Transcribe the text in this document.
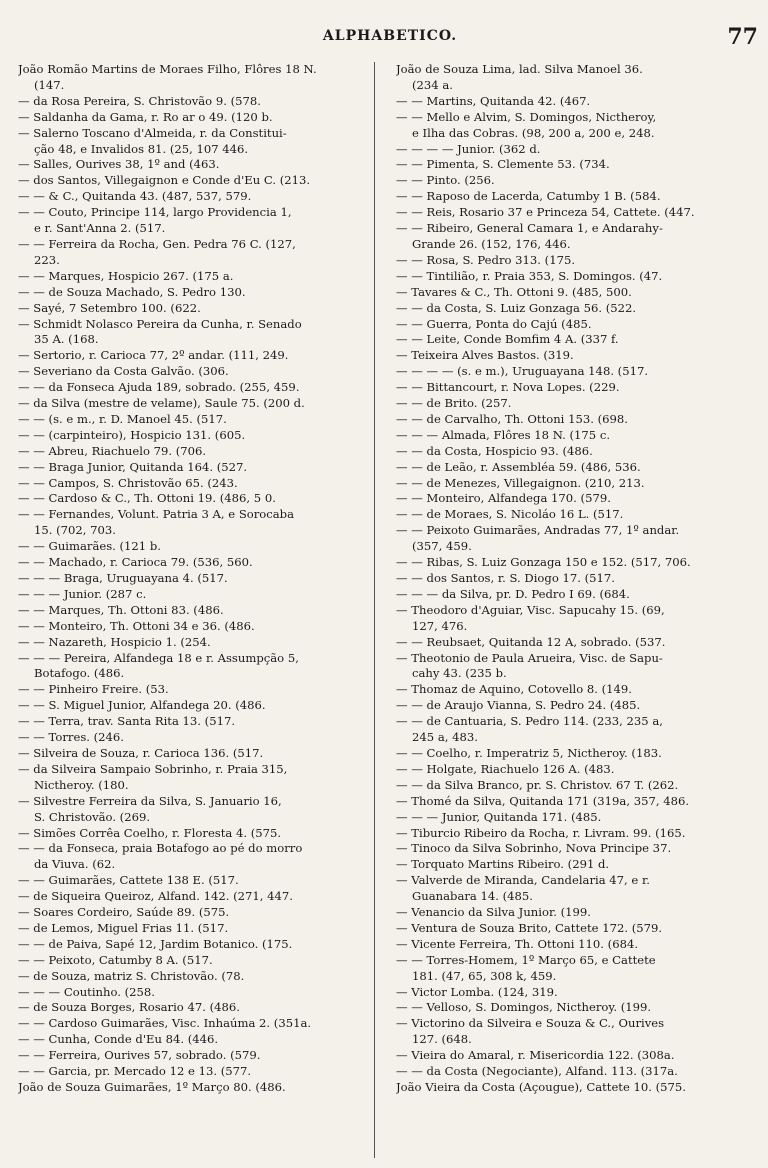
ALPHABETICO.	77
João Romão Martins de Moraes Filho, Flôres 18 N.
(147.
— da Rosa Pereira, S. Christovão 9. (578.
— Saldanha da Gama, r. Ro ar o 49. (120 b.
— Salerno Toscano d'Almeida, r. da Constitui-
ção 48, e Invalidos 81. (25, 107 446.
— Salles, Ourives 38, 1º and (463.
— dos Santos, Villegaignon e Conde d'Eu C. (213.
— — & C., Quitanda 43. (487, 537, 579.
— — Couto, Principe 114, largo Providencia 1,
e r. Sant'Anna 2. (517.
— — Ferreira da Rocha, Gen. Pedra 76 C. (127,
223.
— — Marques, Hospicio 267. (175 a.
— — de Souza Machado, S. Pedro 130.
— Sayé, 7 Setembro 100. (622.
— Schmidt Nolasco Pereira da Cunha, r. Senado
35 A. (168.
— Sertorio, r. Carioca 77, 2º andar. (111, 249.
— Severiano da Costa Galvão. (306.
— — da Fonseca Ajuda 189, sobrado. (255, 459.
— da Silva (mestre de velame), Saule 75. (200 d.
— — (s. e m., r. D. Manoel 45. (517.
— — (carpinteiro), Hospicio 131. (605.
— — Abreu, Riachuelo 79. (706.
— — Braga Junior, Quitanda 164. (527.
— — Campos, S. Christovão 65. (243.
— — Cardoso & C., Th. Ottoni 19. (486, 5 0.
— — Fernandes, Volunt. Patria 3 A, e Sorocaba
15. (702, 703.
— — Guimarães. (121 b.
— — Machado, r. Carioca 79. (536, 560.
— — — Braga, Uruguayana 4. (517.
— — — Junior. (287 c.
— — Marques, Th. Ottoni 83. (486.
— — Monteiro, Th. Ottoni 34 e 36. (486.
— — Nazareth, Hospicio 1. (254.
— — — Pereira, Alfandega 18 e r. Assumpção 5,
Botafogo. (486.
— — Pinheiro Freire. (53.
— — S. Miguel Junior, Alfandega 20. (486.
— — Terra, trav. Santa Rita 13. (517.
— — Torres. (246.
— Silveira de Souza, r. Carioca 136. (517.
— da Silveira Sampaio Sobrinho, r. Praia 315,
Nictheroy. (180.
— Silvestre Ferreira da Silva, S. Januario 16,
S. Christovão. (269.
— Simões Corrêa Coelho, r. Floresta 4. (575.
— — da Fonseca, praia Botafogo ao pé do morro
da Viuva. (62.
— — Guimarães, Cattete 138 E. (517.
— de Siqueira Queiroz, Alfand. 142. (271, 447.
— Soares Cordeiro, Saúde 89. (575.
— de Lemos, Miguel Frias 11. (517.
— — de Paiva, Sapé 12, Jardim Botanico. (175.
— — Peixoto, Catumby 8 A. (517.
— de Souza, matriz S. Christovão. (78.
— — — Coutinho. (258.
— de Souza Borges, Rosario 47. (486.
— — Cardoso Guimarães, Visc. Inhaúma 2. (351a.
— — Cunha, Conde d'Eu 84. (446.
— — Ferreira, Ourives 57, sobrado. (579.
— — Garcia, pr. Mercado 12 e 13. (577.
João de Souza Guimarães, 1º Março 80. (486.
João de Souza Lima, lad. Silva Manoel 36.
(234 a.
— — Martins, Quitanda 42. (467.
— — Mello e Alvim, S. Domingos, Nictheroy,
e Ilha das Cobras. (98, 200 a, 200 e, 248.
— — — — Junior. (362 d.
— — Pimenta, S. Clemente 53. (734.
— — Pinto. (256.
— — Raposo de Lacerda, Catumby 1 B. (584.
— — Reis, Rosario 37 e Princeza 54, Cattete. (447.
— — Ribeiro, General Camara 1, e Andarahy-
Grande 26. (152, 176, 446.
— — Rosa, S. Pedro 313. (175.
— — Tintilião, r. Praia 353, S. Domingos. (47.
— Tavares & C., Th. Ottoni 9. (485, 500.
— — da Costa, S. Luiz Gonzaga 56. (522.
— — Guerra, Ponta do Cajú (485.
— — Leite, Conde Bomfim 4 A. (337 f.
— Teixeira Alves Bastos. (319.
— — — — (s. e m.), Uruguayana 148. (517.
— — Bittancourt, r. Nova Lopes. (229.
— — de Brito. (257.
— — de Carvalho, Th. Ottoni 153. (698.
— — — Almada, Flôres 18 N. (175 c.
— — da Costa, Hospicio 93. (486.
— — de Leão, r. Assembléa 59. (486, 536.
— — de Menezes, Villegaignon. (210, 213.
— — Monteiro, Alfandega 170. (579.
— — de Moraes, S. Nicoláo 16 L. (517.
— — Peixoto Guimarães, Andradas 77, 1º andar.
(357, 459.
— — Ribas, S. Luiz Gonzaga 150 e 152. (517, 706.
— — dos Santos, r. S. Diogo 17. (517.
— — — da Silva, pr. D. Pedro I 69. (684.
— Theodoro d'Aguiar, Visc. Sapucahy 15. (69,
127, 476.
— — Reubsaet, Quitanda 12 A, sobrado. (537.
— Theotonio de Paula Arueira, Visc. de Sapu-
cahy 43. (235 b.
— Thomaz de Aquino, Cotovello 8. (149.
— — de Araujo Vianna, S. Pedro 24. (485.
— — de Cantuaria, S. Pedro 114. (233, 235 a,
245 a, 483.
— — Coelho, r. Imperatriz 5, Nictheroy. (183.
— — Holgate, Riachuelo 126 A. (483.
— — da Silva Branco, pr. S. Christov. 67 T. (262.
— Thomé da Silva, Quitanda 171 (319a, 357, 486.
— — — Junior, Quitanda 171. (485.
— Tiburcio Ribeiro da Rocha, r. Livram. 99. (165.
— Tinoco da Silva Sobrinho, Nova Principe 37.
— Torquato Martins Ribeiro. (291 d.
— Valverde de Miranda, Candelaria 47, e r.
Guanabara 14. (485.
— Venancio da Silva Junior. (199.
— Ventura de Souza Brito, Cattete 172. (579.
— Vicente Ferreira, Th. Ottoni 110. (684.
— — Torres-Homem, 1º Março 65, e Cattete
181. (47, 65, 308 k, 459.
— Victor Lomba. (124, 319.
— — Velloso, S. Domingos, Nictheroy. (199.
— Victorino da Silveira e Souza & C., Ourives
127. (648.
— Vieira do Amaral, r. Misericordia 122. (308a.
— — da Costa (Negociante), Alfand. 113. (317a.
João Vieira da Costa (Açougue), Cattete 10. (575.
